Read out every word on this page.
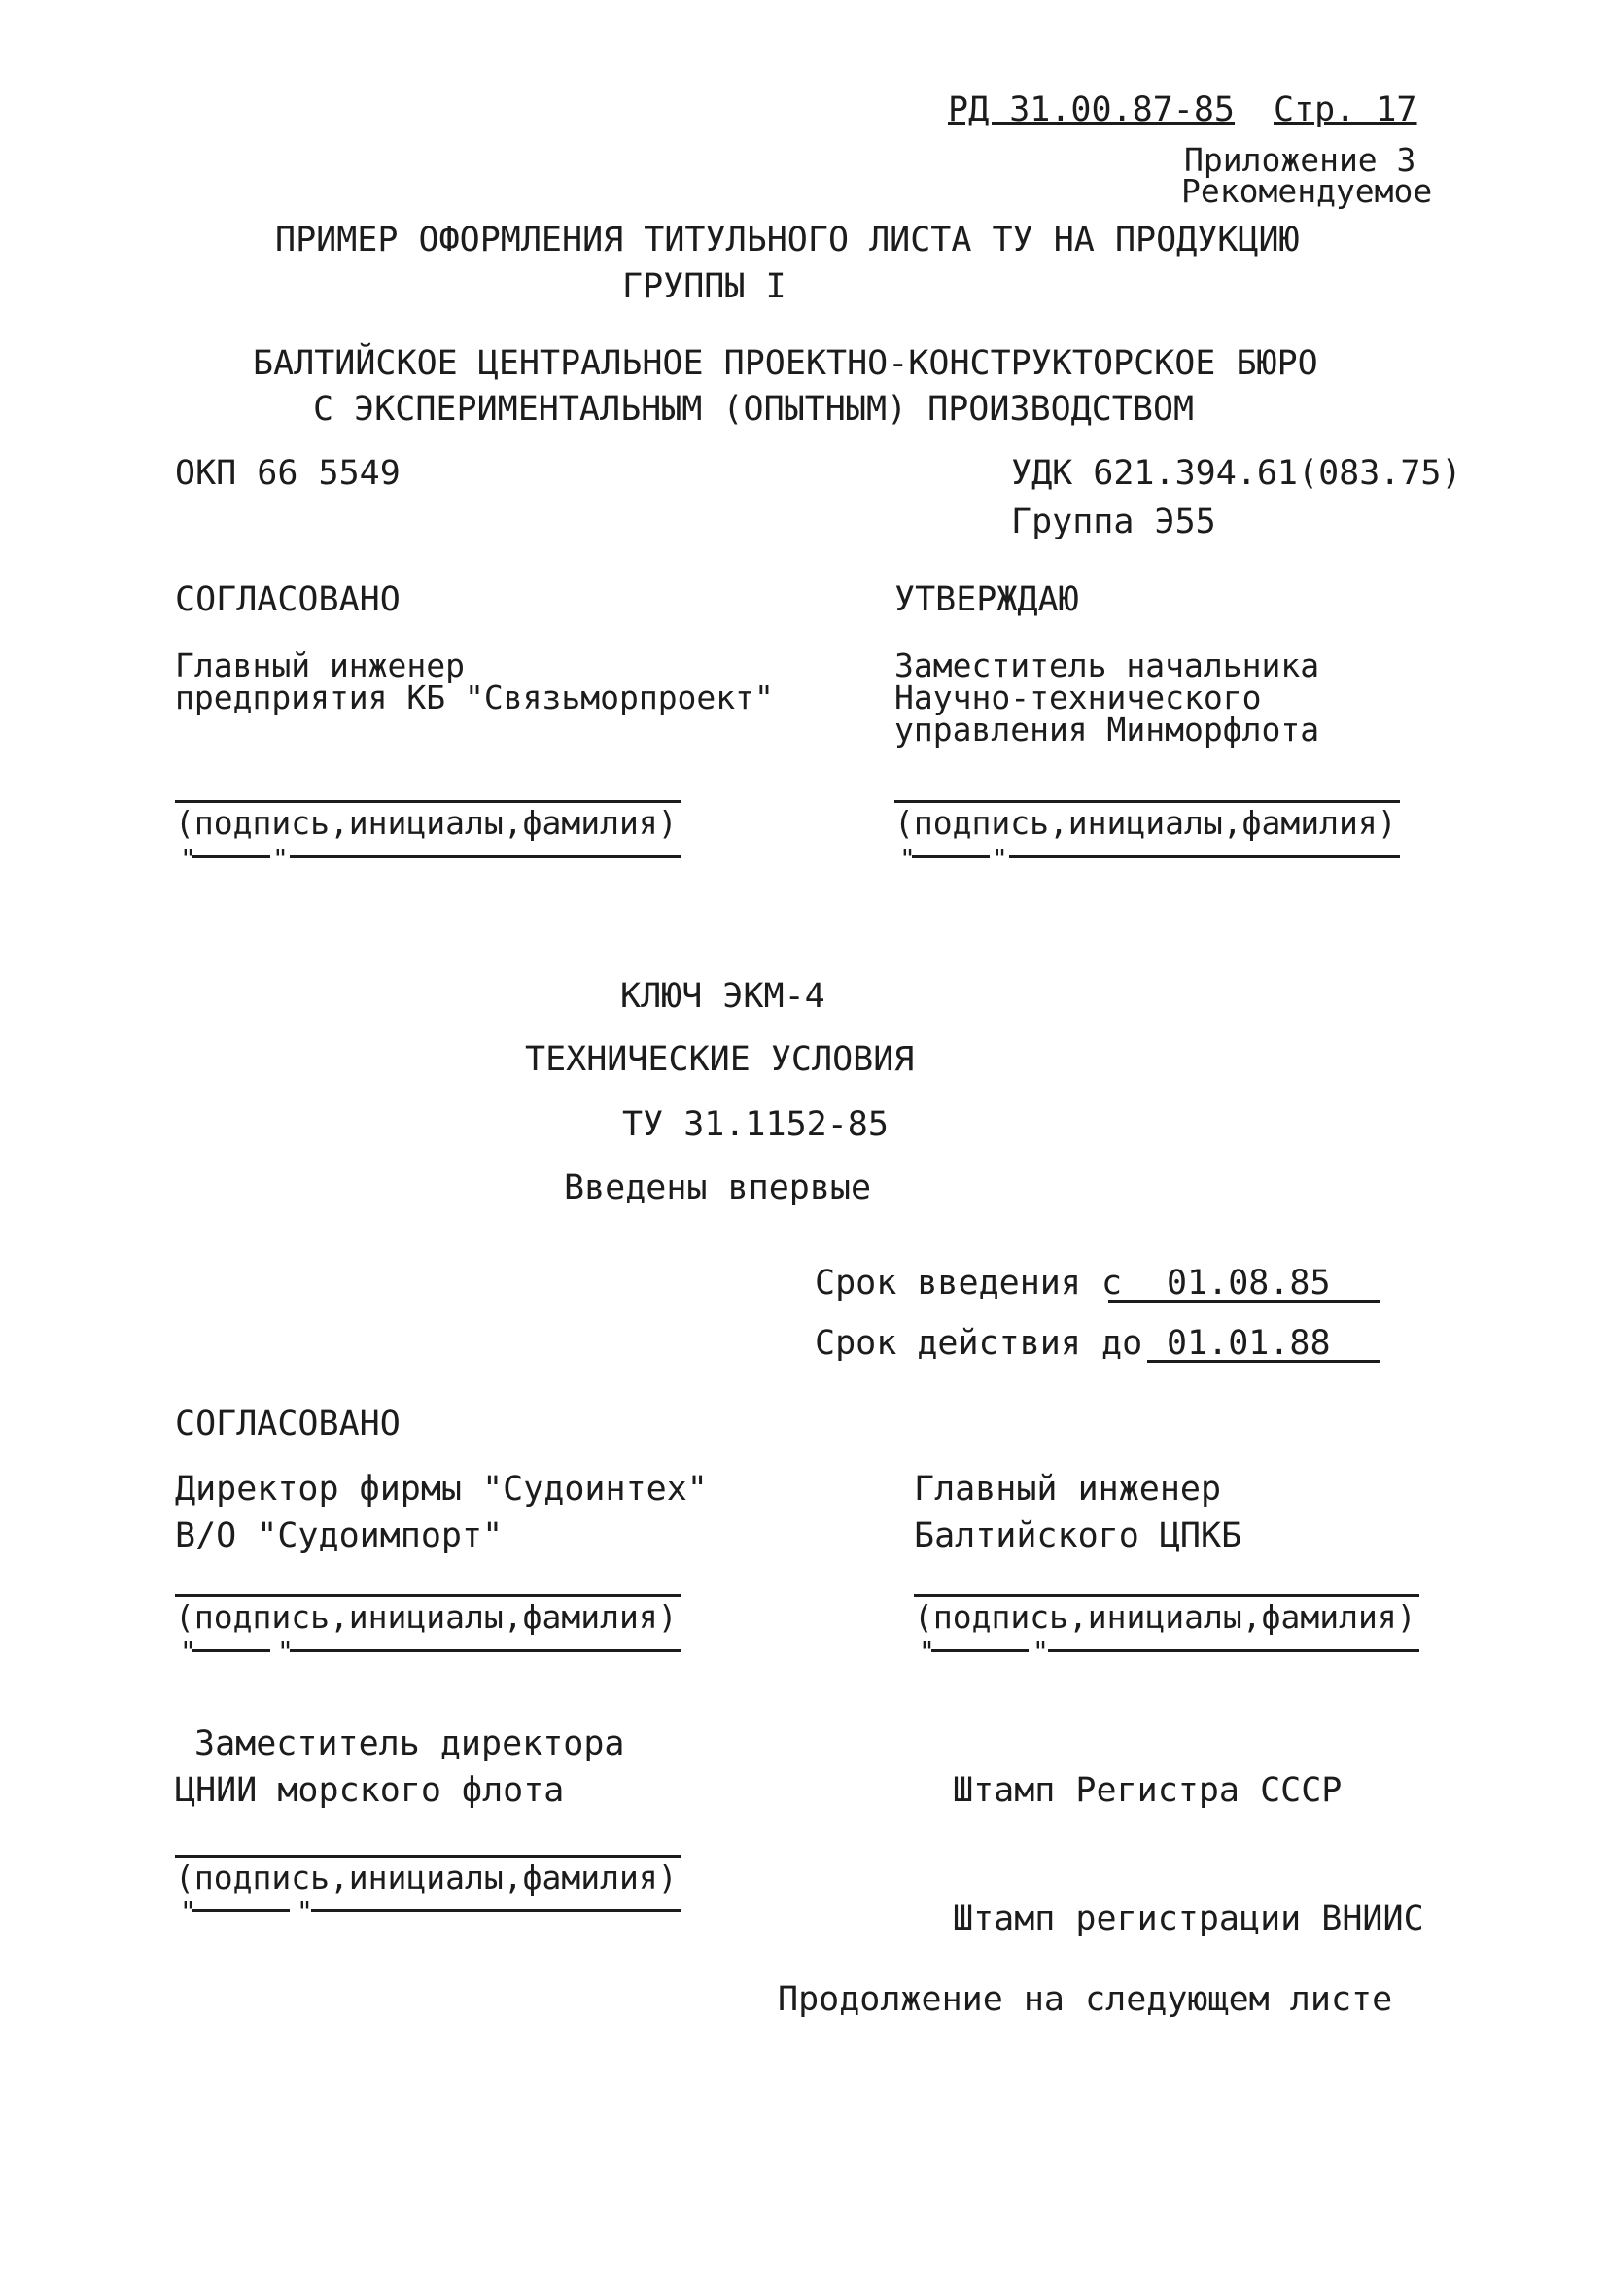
РД 31.00.87-85 Стр. 17
Приложение 3
Рекомендуемое
ПРИМЕР ОФОРМЛЕНИЯ ТИТУЛЬНОГО ЛИСТА ТУ НА ПРОДУКЦИЮ
ГРУППЫ I
БАЛТИЙСКОЕ ЦЕНТРАЛЬНОЕ ПРОЕКТНО-КОНСТРУКТОРСКОЕ БЮРО
С ЭКСПЕРИМЕНТАЛЬНЫМ (ОПЫТНЫМ) ПРОИЗВОДСТВОМ
ОКП 66 5549	УДК 621.394.61(083.75)
Группа Э55
СОГЛАСОВАНО
Главный инженер
предприятия КБ "Связьморпроект"
УТВЕРЖДАЮ
Заместитель начальника
Научно-технического
управления Минморфлота
(подпись,инициалы,фамилия)	(подпись,инициалы,фамилия)
"	"	"	"
КЛЮЧ ЭКМ-4
ТЕХНИЧЕСКИЕ УСЛОВИЯ
ТУ 31.1152-85
Введены впервые
Срок введения с 01.08.85
Срок действия до 01.01.88
СОГЛАСОВАНО
Директор фирмы "Судоинтех"
В/О "Судоимпорт"
Главный инженер
Балтийского ЦПКБ
(подпись,инициалы,фамилия)	(подпись,инициалы,фамилия)
"	"	"	"
Заместитель директора
ЦНИИ морского флота	Штамп Регистра СССР
(подпись,инициалы,фамилия)
"	"	Штамп регистрации ВНИИС
Продолжение на следующем листе
